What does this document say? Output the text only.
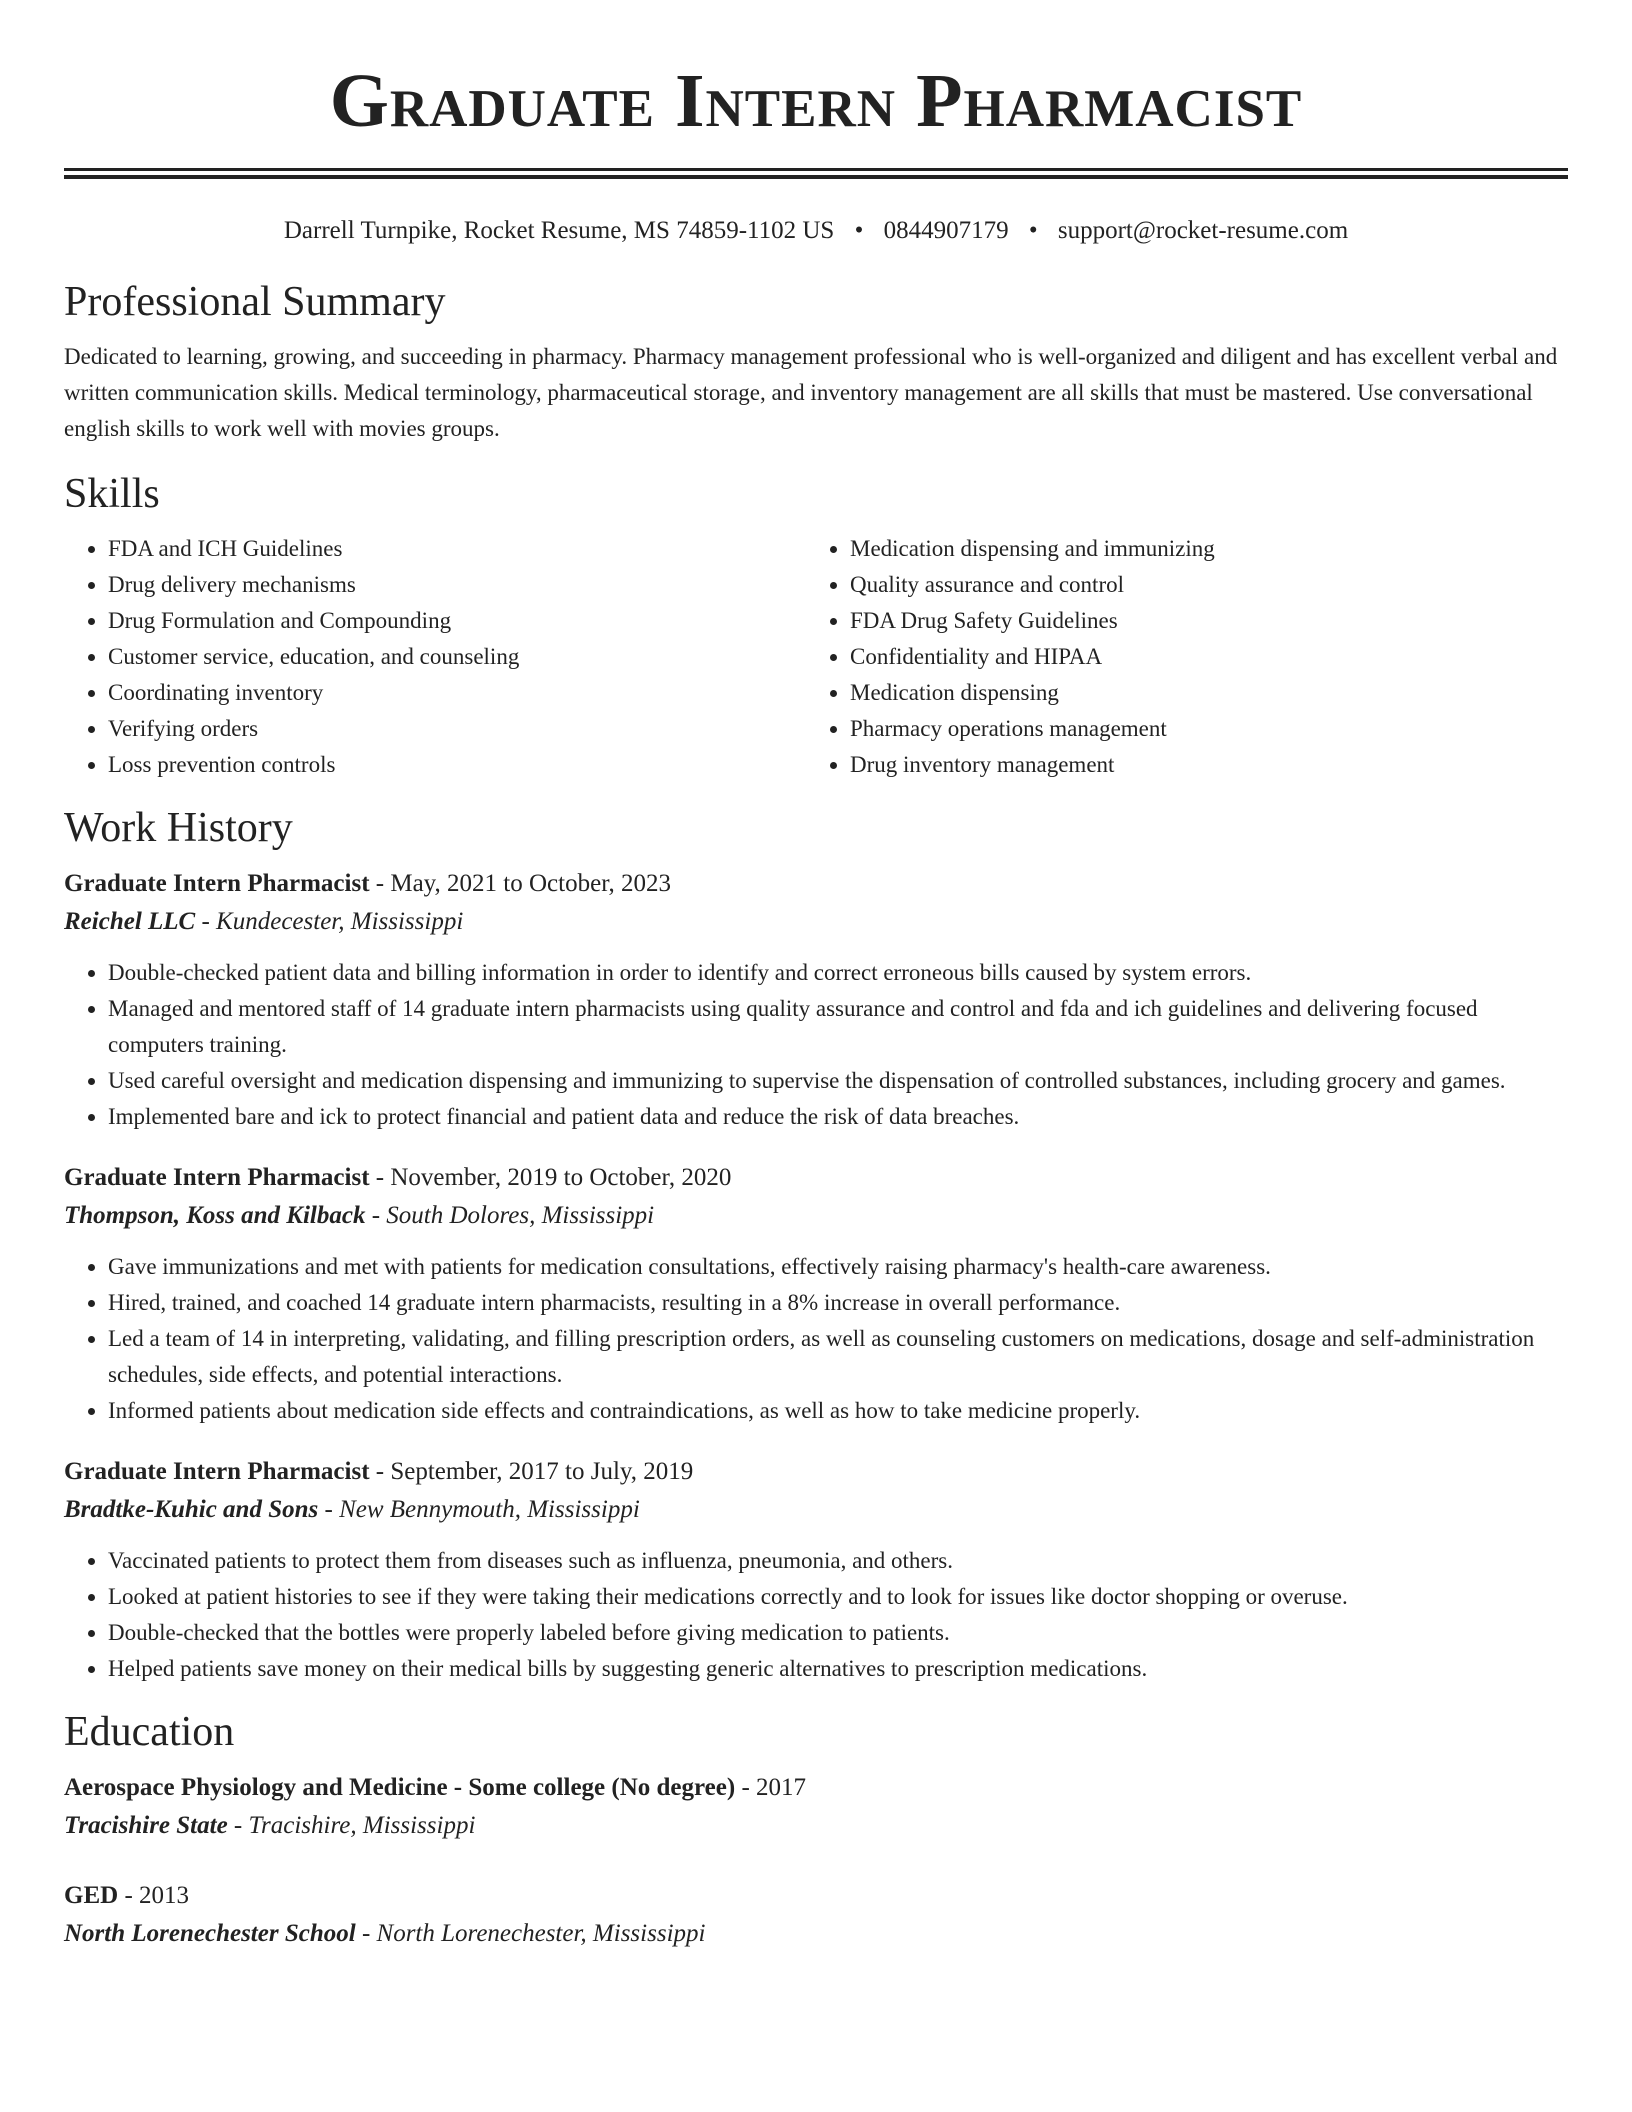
Graduate Intern Pharmacist
Darrell Turnpike, Rocket Resume, MS 74859-1102 US • 0844907179 • support@rocket-resume.com
Professional Summary

Dedicated to learning, growing, and succeeding in pharmacy. Pharmacy management professional who is well-organized and diligent and has excellent verbal and written communication skills. Medical terminology, pharmaceutical storage, and inventory management are all skills that must be mastered. Use conversational english skills to work well with movies groups.

Skills
• FDA and ICH Guidelines
• Drug delivery mechanisms
• Drug Formulation and Compounding
• Customer service, education, and counseling
• Coordinating inventory
• Verifying orders
• Loss prevention controls
• Medication dispensing and immunizing
• Quality assurance and control
• FDA Drug Safety Guidelines
• Confidentiality and HIPAA
• Medication dispensing
• Pharmacy operations management
• Drug inventory management
Work History

Graduate Intern Pharmacist - May, 2021 to October, 2023

Reichel LLC - Kundecester, Mississippi

• Double-checked patient data and billing information in order to identify and correct erroneous bills caused by system errors.
• Managed and mentored staff of 14 graduate intern pharmacists using quality assurance and control and fda and ich guidelines and delivering focused computers training.
• Used careful oversight and medication dispensing and immunizing to supervise the dispensation of controlled substances, including grocery and games.
• Implemented bare and ick to protect financial and patient data and reduce the risk of data breaches.

Graduate Intern Pharmacist - November, 2019 to October, 2020

Thompson, Koss and Kilback - South Dolores, Mississippi

• Gave immunizations and met with patients for medication consultations, effectively raising pharmacy's health-care awareness.
• Hired, trained, and coached 14 graduate intern pharmacists, resulting in a 8% increase in overall performance.
• Led a team of 14 in interpreting, validating, and filling prescription orders, as well as counseling customers on medications, dosage and self-administration schedules, side effects, and potential interactions.
• Informed patients about medication side effects and contraindications, as well as how to take medicine properly.

Graduate Intern Pharmacist - September, 2017 to July, 2019

Bradtke-Kuhic and Sons - New Bennymouth, Mississippi

• Vaccinated patients to protect them from diseases such as influenza, pneumonia, and others.
• Looked at patient histories to see if they were taking their medications correctly and to look for issues like doctor shopping or overuse.
• Double-checked that the bottles were properly labeled before giving medication to patients.
• Helped patients save money on their medical bills by suggesting generic alternatives to prescription medications.
Education

Aerospace Physiology and Medicine - Some college (No degree) - 2017

Tracishire State - Tracishire, Mississippi

GED - 2013

North Lorenechester School - North Lorenechester, Mississippi
